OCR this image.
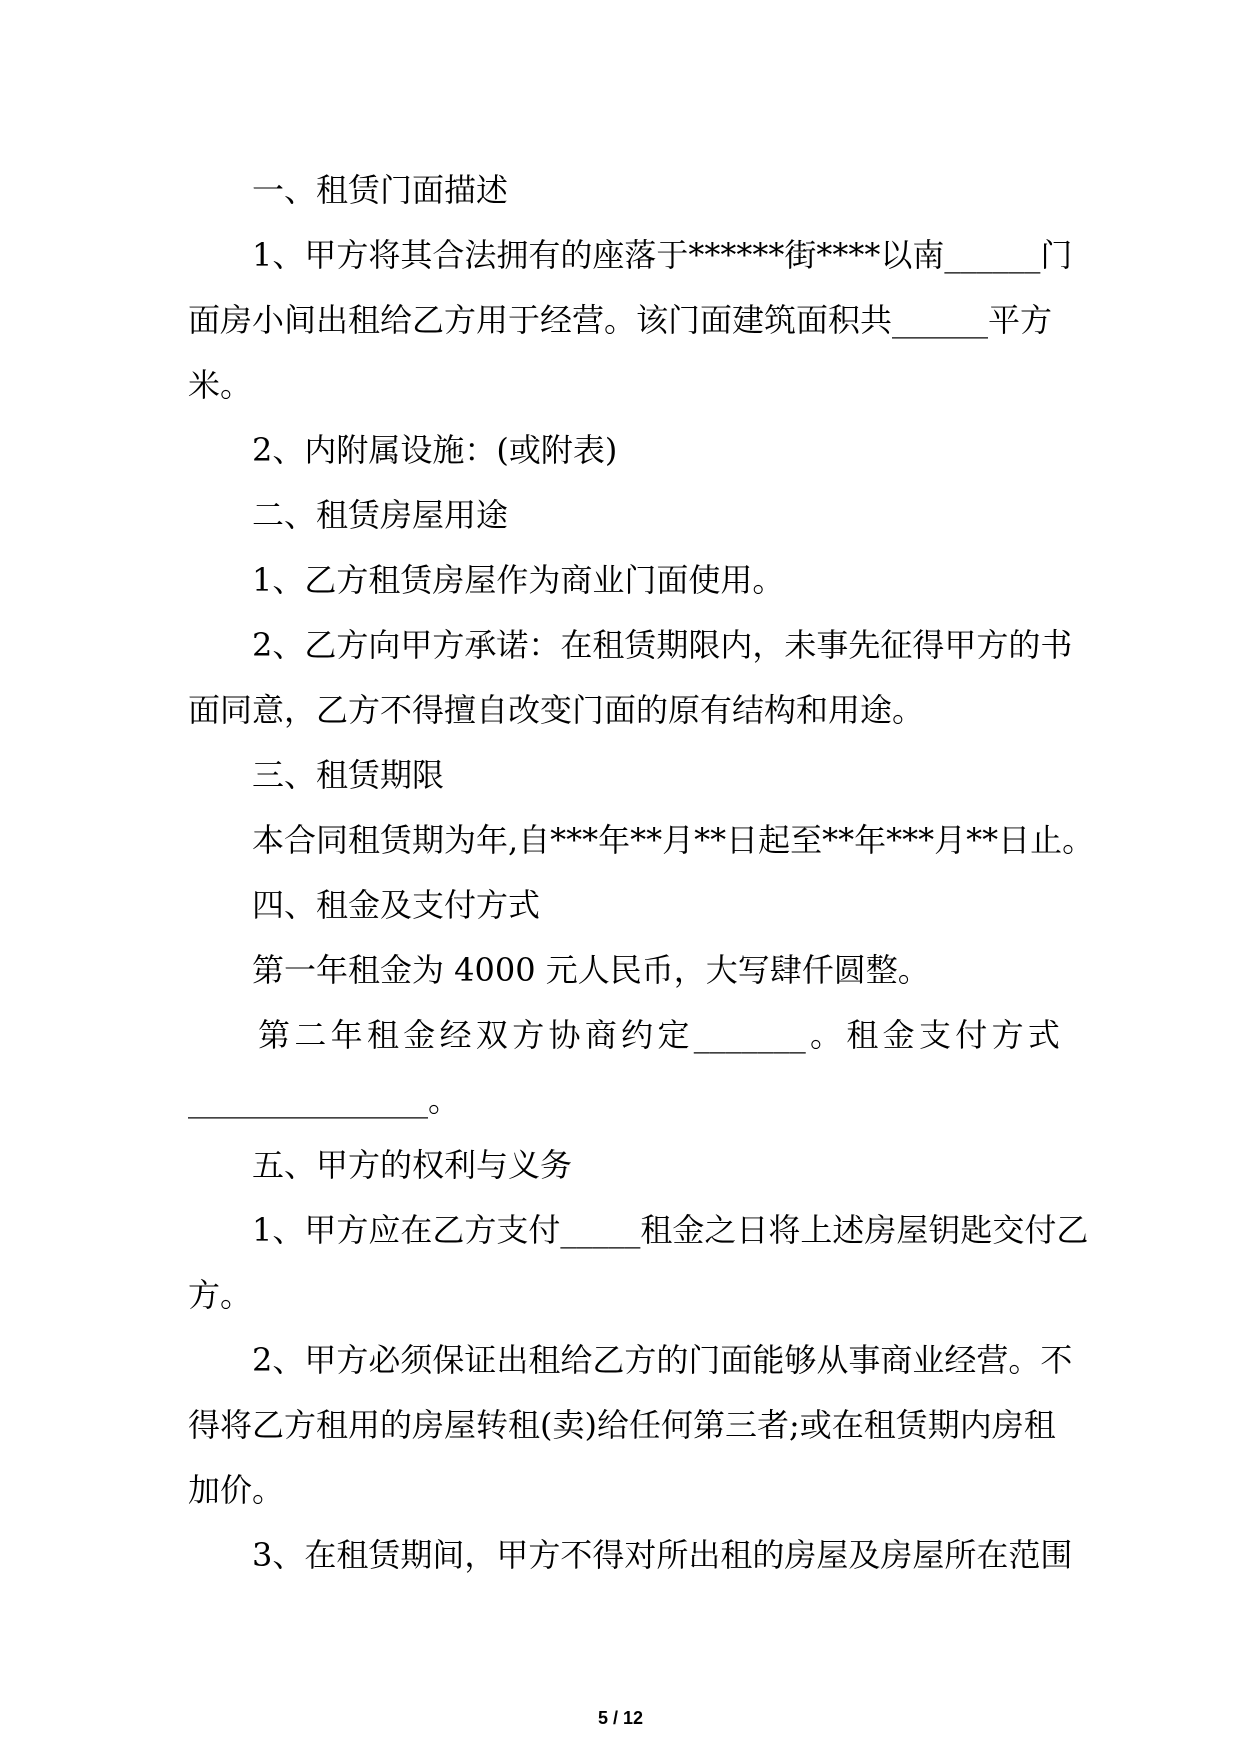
一、租赁门面描述

1、甲方将其合法拥有的座落于******街****以南______门

面房小间出租给乙方用于经营。该门面建筑面积共______平方

米。

2、内附属设施：(或附表)

二、租赁房屋用途

1、乙方租赁房屋作为商业门面使用。

2、乙方向甲方承诺：在租赁期限内，未事先征得甲方的书

面同意，乙方不得擅自改变门面的原有结构和用途。

三、租赁期限

本合同租赁期为年,自***年**月**日起至**年***月**日止。

四、租金及支付方式

第一年租金为 4000 元人民币，大写肆仟圆整。

第 二 年 租 金 经 双 方 协 商 约 定 _______ 。 租 金 支 付 方 式

_______________。

五、甲方的权利与义务

1、甲方应在乙方支付_____租金之日将上述房屋钥匙交付乙

方。

2、甲方必须保证出租给乙方的门面能够从事商业经营。不

得将乙方租用的房屋转租(卖)给任何第三者;或在租赁期内房租

加价。

3、在租赁期间，甲方不得对所出租的房屋及房屋所在范围

5 / 12
